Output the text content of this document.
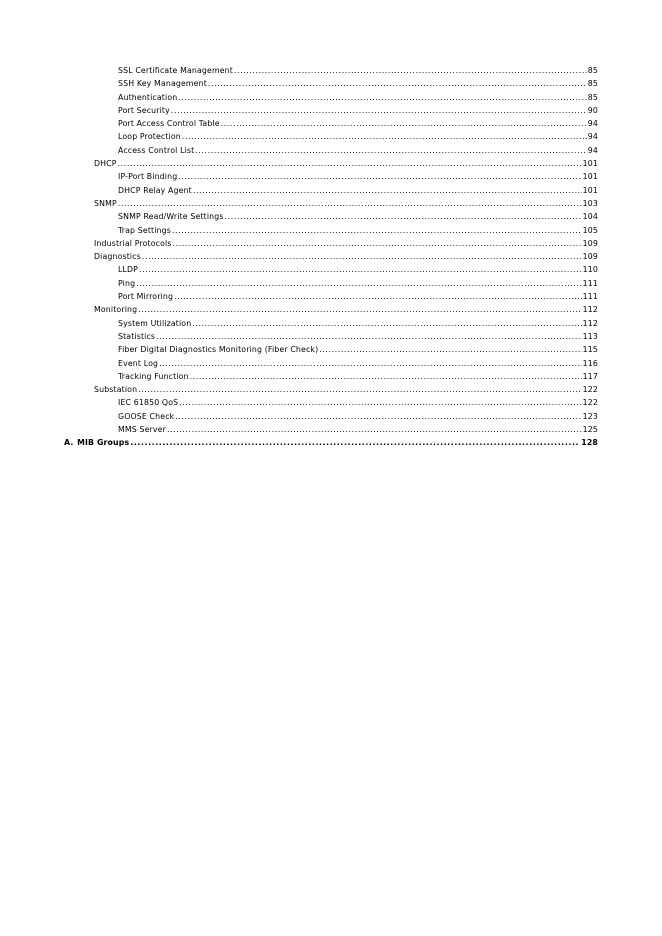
SSL Certificate Management .....	85
SSH Key Management .....	85
Authentication .....	85
Port Security .....	90
Port Access Control Table .....	94
Loop Protection .....	94
Access Control List .....	94
DHCP .....	101
IP-Port Binding .....	101
DHCP Relay Agent .....	101
SNMP .....	103
SNMP Read/Write Settings .....	104
Trap Settings .....	105
Industrial Protocols .....	109
Diagnostics .....	109
LLDP .....	110
Ping .....	111
Port Mirroring .....	111
Monitoring .....	112
System Utilization .....	112
Statistics .....	113
Fiber Digital Diagnostics Monitoring (Fiber Check) .....	115
Event Log .....	116
Tracking Function .....	117
Substation .....	122
IEC 61850 QoS .....	122
GOOSE Check .....	123
MMS Server .....	125
A. MIB Groups .....	128
